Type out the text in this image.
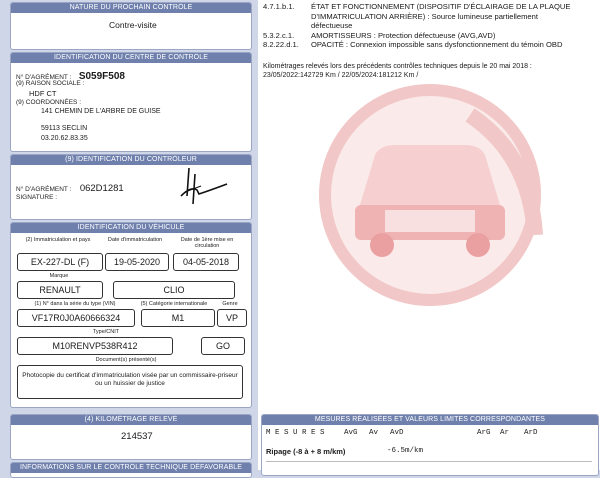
NATURE DU PROCHAIN CONTRÔLE
Contre-visite
IDENTIFICATION DU CENTRE DE CONTRÔLE
N° D'AGRÉMENT : S059F508
(9) RAISON SOCIALE :
HDF CT
(9) COORDONNÉES :
141 CHEMIN DE L'ARBRE DE GUISE
59113 SECLIN
03.20.62.83.35
(9) IDENTIFICATION DU CONTRÔLEUR
N° D'AGRÉMENT : 062D1281
SIGNATURE :
IDENTIFICATION DU VÉHICULE
(2) Immatriculation et pays	Date d'immatriculation	Date de 1ère mise en circulation
EX-227-DL (F)	19-05-2020	04-05-2018
Marque
RENAULT	CLIO
(1) N° dans la série du type (VIN)	(5) Catégorie internationale	Genre
VF17R0J0A60666324	M1	VP
Type/CNIT
M10RENVP538R412	GO
Document(s) présenté(s)
Photocopie du certificat d'immatriculation visée par un commissaire-priseur ou un huissier de justice
(4) KILOMÉTRAGE RELEVÉ
214537
INFORMATIONS SUR LE CONTRÔLE TECHNIQUE DÉFAVORABLE
4.7.1.b.1. ÉTAT ET FONCTIONNEMENT (DISPOSITIF D'ÉCLAIRAGE DE LA PLAQUE
D'IMMATRICULATION ARRIÈRE) : Source lumineuse partiellement
défectueuse
5.3.2.c.1. AMORTISSEURS : Protection défectueuse (AVG,AVD)
8.2.22.d.1. OPACITÉ : Connexion impossible sans dysfonctionnement du témoin OBD
Kilométrages relevés lors des précédents contrôles techniques depuis le 20 mai 2018 :
23/05/2022:142729 Km / 22/05/2024:181212 Km /
MESURES RÉALISÉES ET VALEURS LIMITES CORRESPONDANTES
M E S U R E S	AvG Av AvD	ArG Ar ArD
Ripage (-8 à + 8 m/km)	-6.5m/km
